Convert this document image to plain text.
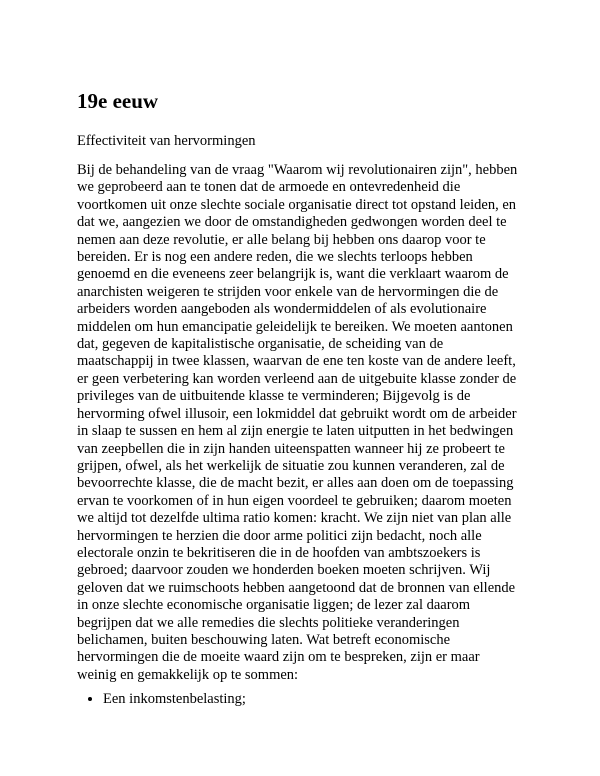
19e eeuw

Effectiviteit van hervormingen

Bij de behandeling van de vraag "Waarom wij revolutionairen zijn", hebben
we geprobeerd aan te tonen dat de armoede en ontevredenheid die
voortkomen uit onze slechte sociale organisatie direct tot opstand leiden, en
dat we, aangezien we door de omstandigheden gedwongen worden deel te
nemen aan deze revolutie, er alle belang bij hebben ons daarop voor te
bereiden. Er is nog een andere reden, die we slechts terloops hebben
genoemd en die eveneens zeer belangrijk is, want die verklaart waarom de
anarchisten weigeren te strijden voor enkele van de hervormingen die de
arbeiders worden aangeboden als wondermiddelen of als evolutionaire
middelen om hun emancipatie geleidelijk te bereiken. We moeten aantonen
dat, gegeven de kapitalistische organisatie, de scheiding van de
maatschappij in twee klassen, waarvan de ene ten koste van de andere leeft,
er geen verbetering kan worden verleend aan de uitgebuite klasse zonder de
privileges van de uitbuitende klasse te verminderen; Bijgevolg is de
hervorming ofwel illusoir, een lokmiddel dat gebruikt wordt om de arbeider
in slaap te sussen en hem al zijn energie te laten uitputten in het bedwingen
van zeepbellen die in zijn handen uiteenspatten wanneer hij ze probeert te
grijpen, ofwel, als het werkelijk de situatie zou kunnen veranderen, zal de
bevoorrechte klasse, die de macht bezit, er alles aan doen om de toepassing
ervan te voorkomen of in hun eigen voordeel te gebruiken; daarom moeten
we altijd tot dezelfde ultima ratio komen: kracht. We zijn niet van plan alle
hervormingen te herzien die door arme politici zijn bedacht, noch alle
electorale onzin te bekritiseren die in de hoofden van ambtszoekers is
gebroed; daarvoor zouden we honderden boeken moeten schrijven. Wij
geloven dat we ruimschoots hebben aangetoond dat de bronnen van ellende
in onze slechte economische organisatie liggen; de lezer zal daarom
begrijpen dat we alle remedies die slechts politieke veranderingen
belichamen, buiten beschouwing laten. Wat betreft economische
hervormingen die de moeite waard zijn om te bespreken, zijn er maar
weinig en gemakkelijk op te sommen:

• Een inkomstenbelasting;
